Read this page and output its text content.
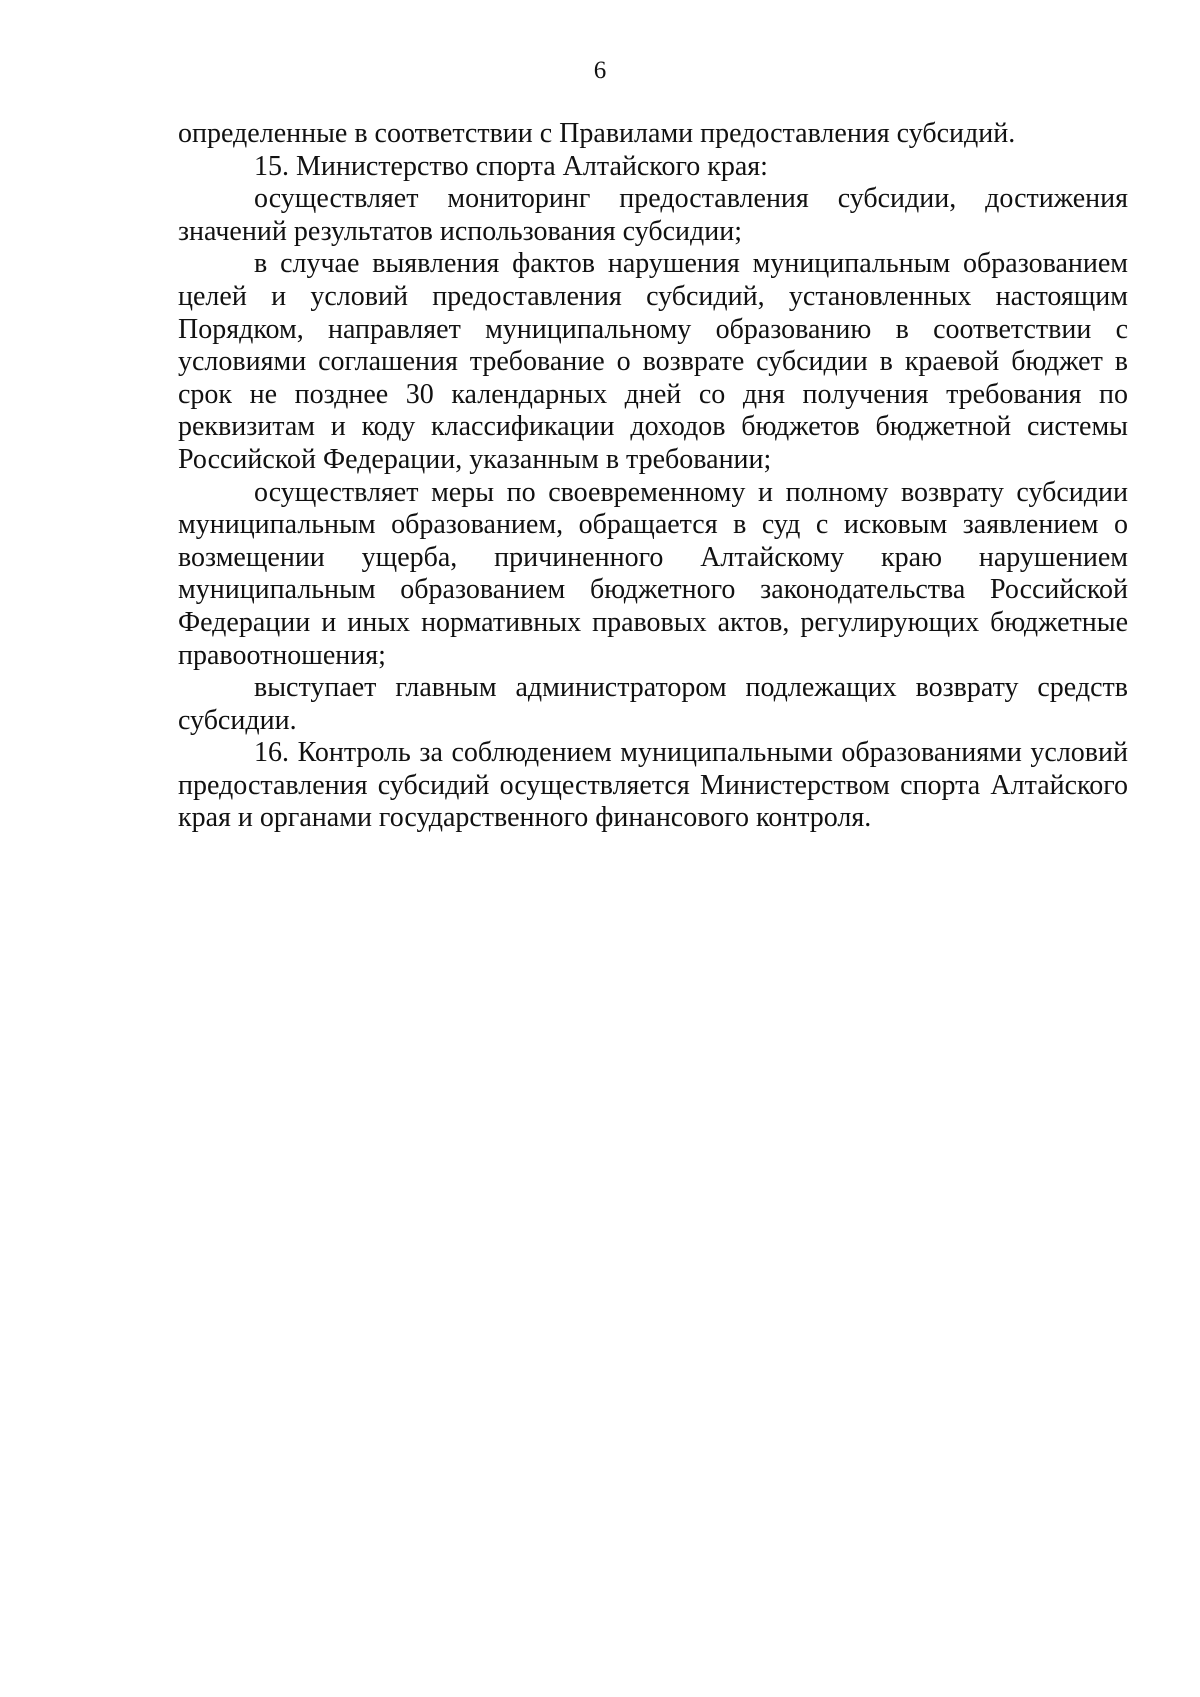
6

определенные в соответствии с Правилами предоставления субсидий.

15. Министерство спорта Алтайского края:

осуществляет мониторинг предоставления субсидии, достижения значений результатов использования субсидии;

в случае выявления фактов нарушения муниципальным образованием целей и условий предоставления субсидий, установленных настоящим Порядком, направляет муниципальному образованию в соответствии с условиями соглашения требование о возврате субсидии в краевой бюджет в срок не позднее 30 календарных дней со дня получения требования по реквизитам и коду классификации доходов бюджетов бюджетной системы Российской Федерации, указанным в требовании;

осуществляет меры по своевременному и полному возврату субсидии муниципальным образованием, обращается в суд с исковым заявлением о возмещении ущерба, причиненного Алтайскому краю нарушением муниципальным образованием бюджетного законодательства Российской Федерации и иных нормативных правовых актов, регулирующих бюджетные правоотношения;

выступает главным администратором подлежащих возврату средств субсидии.

16. Контроль за соблюдением муниципальными образованиями условий предоставления субсидий осуществляется Министерством спорта Алтайского края и органами государственного финансового контроля.
